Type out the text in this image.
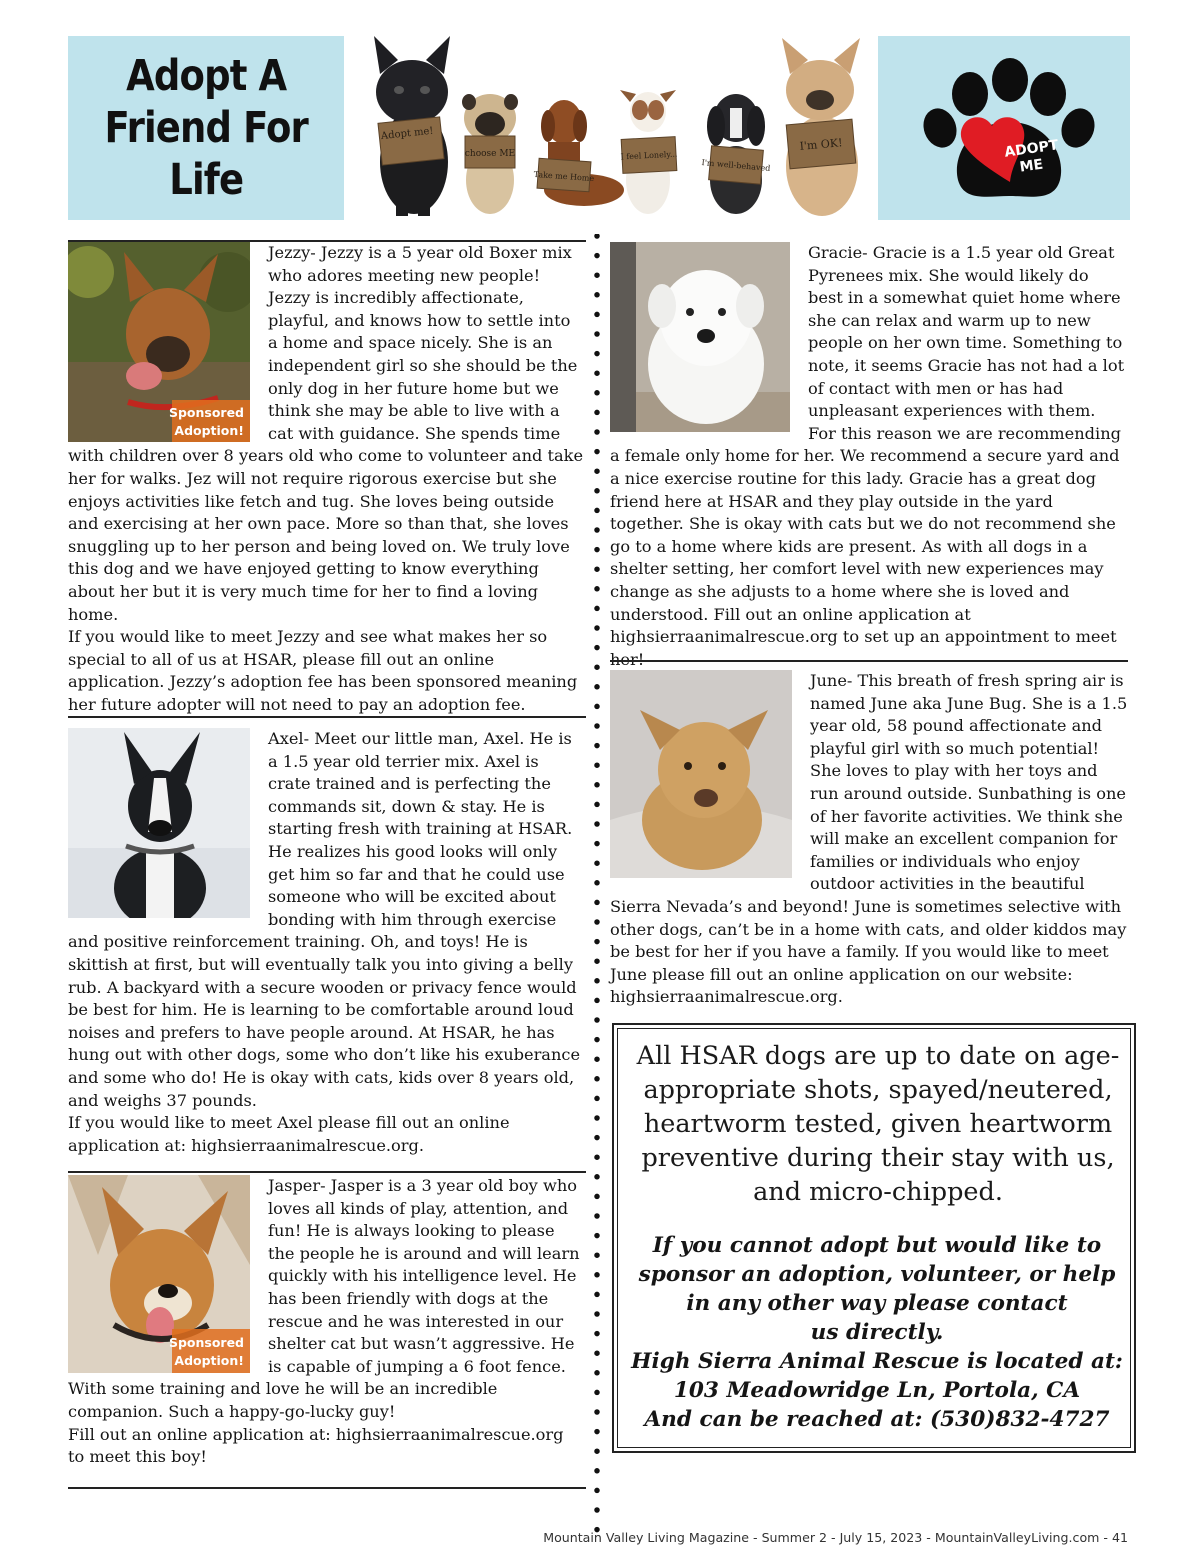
Adopt A
Friend For
Life
Adopt me!
choose ME
Take me Home
I feel Lonely...
I'm well-behaved
I'm OK!	ADOPT
ME
Sponsored
Adoption!

Jezzy- Jezzy is a 5 year old Boxer mix who adores meeting new people! Jezzy is incredibly affectionate, playful, and knows how to settle into a home and space nicely. She is an independent girl so she should be the only dog in her future home but we think she may be able to live with a cat with guidance. She spends time with children over 8 years old who come to volunteer and take her for walks. Jez will not require rigorous exercise but she enjoys activities like fetch and tug. She loves being outside and exercising at her own pace. More so than that, she loves snuggling up to her person and being loved on. We truly love this dog and we have enjoyed getting to know everything about her but it is very much time for her to find a loving home.

If you would like to meet Jezzy and see what makes her so special to all of us at HSAR, please fill out an online application. Jezzy’s adoption fee has been sponsored meaning her future adopter will not need to pay an adoption fee.

Axel- Meet our little man, Axel. He is a 1.5 year old terrier mix. Axel is crate trained and is perfecting the commands sit, down & stay. He is starting fresh with training at HSAR. He realizes his good looks will only get him so far and that he could use someone who will be excited about bonding with him through exercise and positive reinforcement training. Oh, and toys! He is skittish at first, but will eventually talk you into giving a belly rub. A backyard with a secure wooden or privacy fence would be best for him. He is learning to be comfortable around loud noises and prefers to have people around. At HSAR, he has hung out with other dogs, some who don’t like his exuberance and some who do! He is okay with cats, kids over 8 years old, and weighs 37 pounds.

If you would like to meet Axel please fill out an online application at: highsierraanimalrescue.org.

Sponsored
Adoption!

Jasper- Jasper is a 3 year old boy who loves all kinds of play, attention, and fun! He is always looking to please the people he is around and will learn quickly with his intelligence level. He has been friendly with dogs at the rescue and he was interested in our shelter cat but wasn’t aggressive. He is capable of jumping a 6 foot fence. With some training and love he will be an incredible companion. Such a happy-go-lucky guy!

Fill out an online application at: highsierraanimalrescue.org to meet this boy!

Gracie- Gracie is a 1.5 year old Great Pyrenees mix. She would likely do best in a somewhat quiet home where she can relax and warm up to new people on her own time. Something to note, it seems Gracie has not had a lot of contact with men or has had unpleasant experiences with them. For this reason we are recommending a female only home for her. We recommend a secure yard and a nice exercise routine for this lady. Gracie has a great dog friend here at HSAR and they play outside in the yard together. She is okay with cats but we do not recommend she go to a home where kids are present. As with all dogs in a shelter setting, her comfort level with new experiences may change as she adjusts to a home where she is loved and understood. Fill out an online application at highsierraanimalrescue.org to set up an appointment to meet her!

June- This breath of fresh spring air is named June aka June Bug. She is a 1.5 year old, 58 pound affectionate and playful girl with so much potential! She loves to play with her toys and run around outside. Sunbathing is one of her favorite activities. We think she will make an excellent companion for families or individuals who enjoy outdoor activities in the beautiful Sierra Nevada’s and beyond! June is sometimes selective with other dogs, can’t be in a home with cats, and older kiddos may be best for her if you have a family. If you would like to meet June please fill out an online application on our website: highsierraanimalrescue.org.

All HSAR dogs are up to date on age-
appropriate shots, spayed/neutered,
heartworm tested, given heartworm
preventive during their stay with us,
and micro-chipped.

If you cannot adopt but would like to
sponsor an adoption, volunteer, or help
in any other way please contact
us directly.
High Sierra Animal Rescue is located at:
103 Meadowridge Ln, Portola, CA
And can be reached at: (530)832-4727

Mountain Valley Living Magazine - Summer 2 - July 15, 2023 - MountainValleyLiving.com - 41
